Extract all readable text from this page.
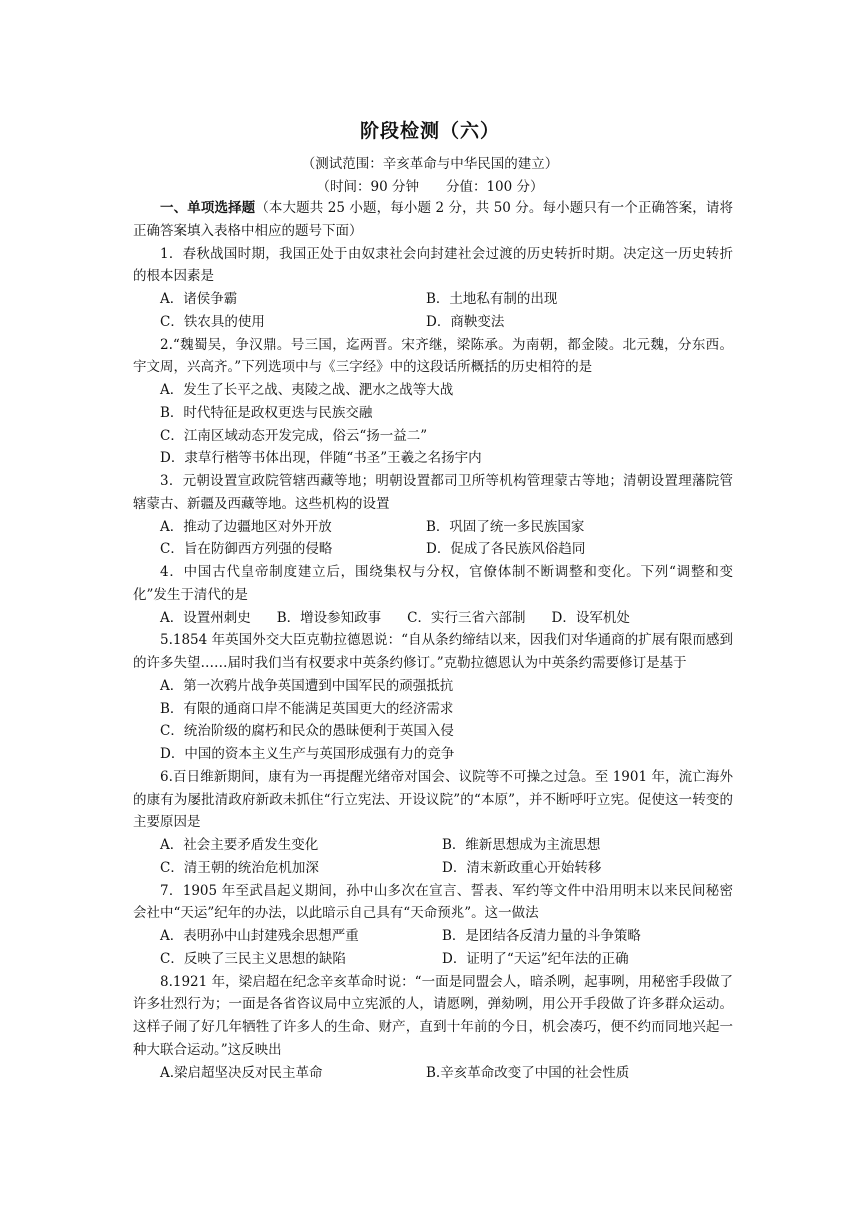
阶段检测（六）
（测试范围：辛亥革命与中华民国的建立）
（时间：90 分钟　　分值：100 分）

一、单项选择题（本大题共 25 小题，每小题 2 分，共 50 分。每小题只有一个正确答案，请将正确答案填入表格中相应的题号下面）

1．春秋战国时期，我国正处于由奴隶社会向封建社会过渡的历史转折时期。决定这一历史转折的根本因素是

A．诸侯争霸	B．土地私有制的出现
C．铁农具的使用	D．商鞅变法

2.“魏蜀吴，争汉鼎。号三国，迄两晋。宋齐继，梁陈承。为南朝，都金陵。北元魏，分东西。宇文周，兴高齐。”下列选项中与《三字经》中的这段话所概括的历史相符的是

A．发生了长平之战、夷陵之战、淝水之战等大战
B．时代特征是政权更迭与民族交融
C．江南区域动态开发完成，俗云“扬一益二”
D．隶草行楷等书体出现，伴随“书圣”王羲之名扬宇内

3．元朝设置宣政院管辖西藏等地；明朝设置都司卫所等机构管理蒙古等地；清朝设置理藩院管辖蒙古、新疆及西藏等地。这些机构的设置

A．推动了边疆地区对外开放	B．巩固了统一多民族国家
C．旨在防御西方列强的侵略	D．促成了各民族风俗趋同

4．中国古代皇帝制度建立后，围绕集权与分权，官僚体制不断调整和变化。下列“调整和变化”发生于清代的是

A．设置州刺史 B．增设参知政事 C．实行三省六部制 D．设军机处

5.1854 年英国外交大臣克勒拉德恩说：“自从条约缔结以来，因我们对华通商的扩展有限而感到的许多失望……届时我们当有权要求中英条约修订。”克勒拉德恩认为中英条约需要修订是基于

A．第一次鸦片战争英国遭到中国军民的顽强抵抗
B．有限的通商口岸不能满足英国更大的经济需求
C．统治阶级的腐朽和民众的愚昧便利于英国入侵
D．中国的资本主义生产与英国形成强有力的竞争

6.百日维新期间，康有为一再提醒光绪帝对国会、议院等不可操之过急。至 1901 年，流亡海外的康有为屡批清政府新政未抓住“行立宪法、开设议院”的“本原”，并不断呼吁立宪。促使这一转变的主要原因是

A．社会主要矛盾发生变化	B．维新思想成为主流思想
C．清王朝的统治危机加深	D．清末新政重心开始转移

7．1905 年至武昌起义期间，孙中山多次在宣言、誓表、军约等文件中沿用明末以来民间秘密会社中“天运”纪年的办法，以此暗示自己具有“天命预兆”。这一做法

A．表明孙中山封建残余思想严重	B．是团结各反清力量的斗争策略
C．反映了三民主义思想的缺陷	D．证明了“天运”纪年法的正确

8.1921 年，梁启超在纪念辛亥革命时说：“一面是同盟会人，暗杀咧，起事咧，用秘密手段做了许多壮烈行为；一面是各省咨议局中立宪派的人，请愿咧，弹劾咧，用公开手段做了许多群众运动。这样子闹了好几年牺牲了许多人的生命、财产，直到十年前的今日，机会凑巧，便不约而同地兴起一种大联合运动。”这反映出

A.梁启超坚决反对民主革命	B.辛亥革命改变了中国的社会性质
